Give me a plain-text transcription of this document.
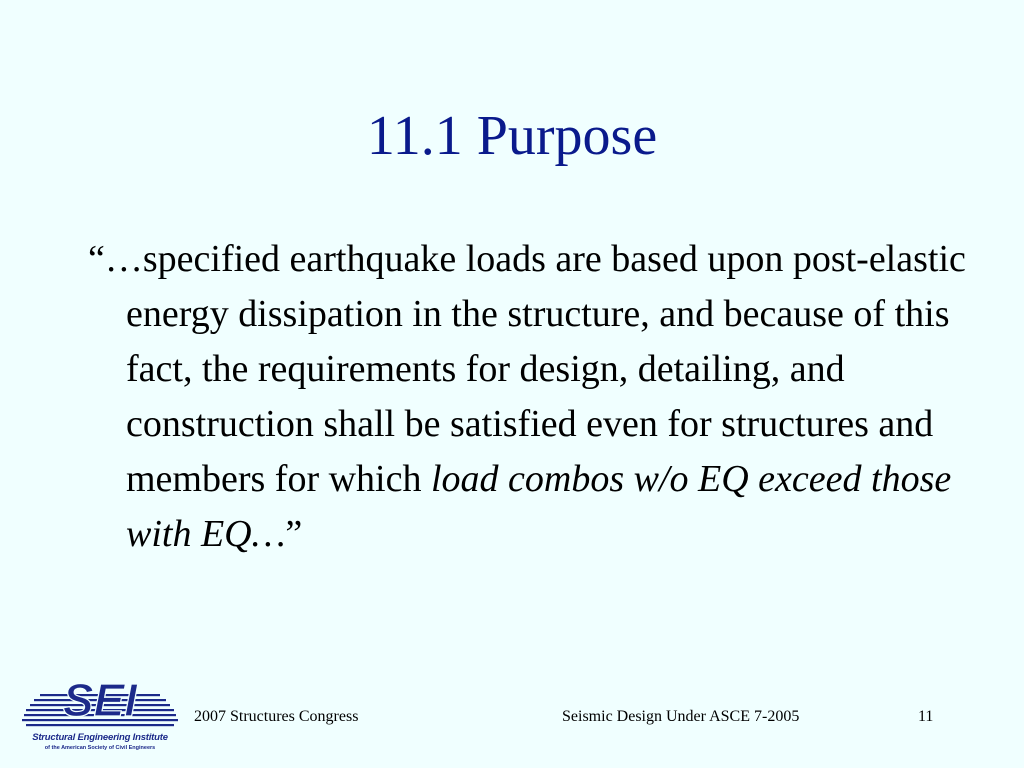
11.1 Purpose
“…specified earthquake loads are based upon post-elastic energy dissipation in the structure, and because of this fact, the requirements for design, detailing, and construction shall be satisfied even for structures and members for which load combos w/o EQ exceed those with EQ…”
SEI
Structural Engineering Institute
of the American Society of Civil Engineers
2007 Structures Congress	Seismic Design Under ASCE 7-2005	11
